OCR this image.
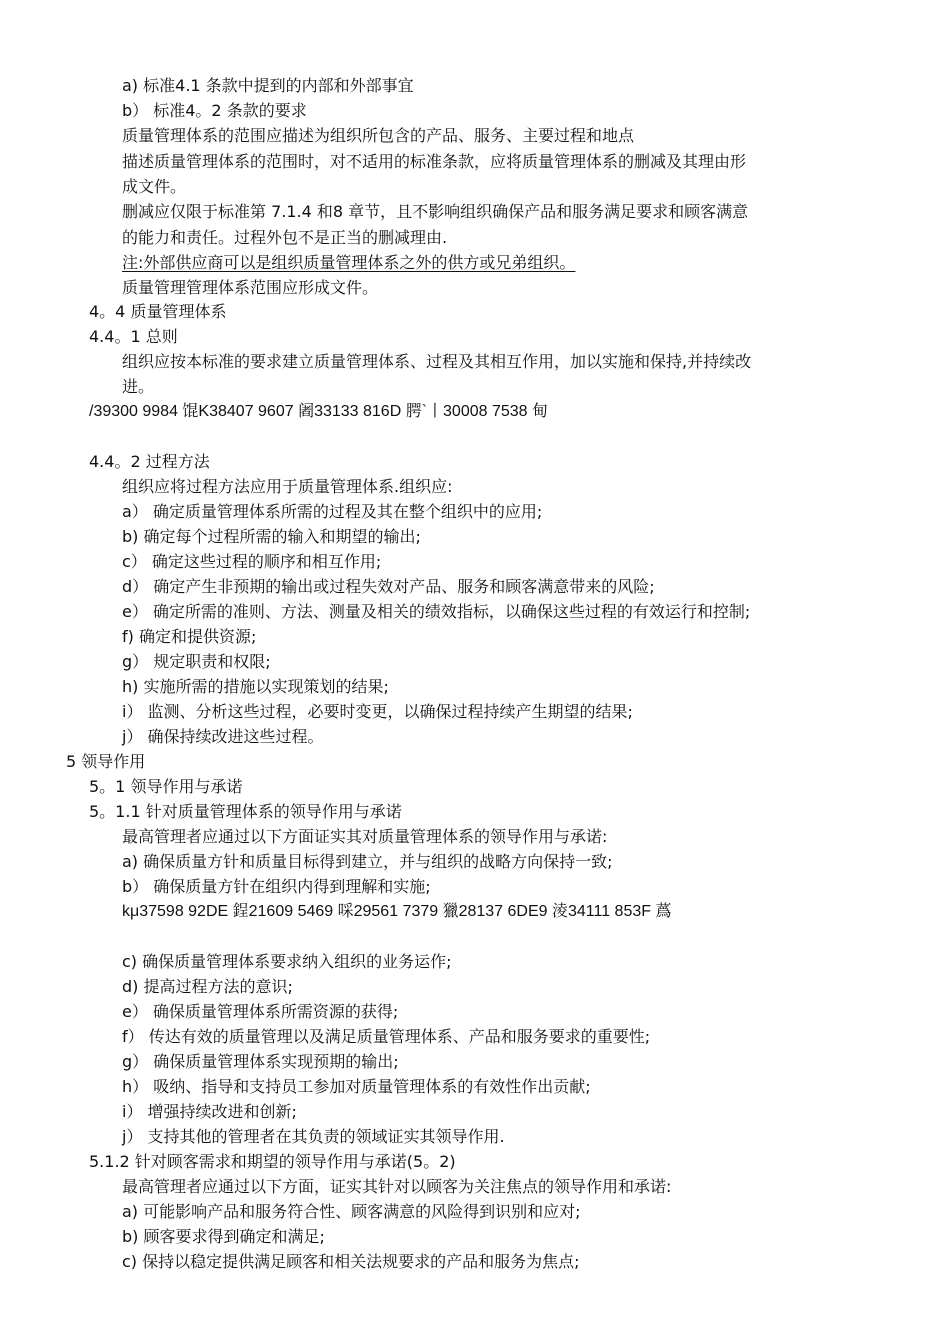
a) 标准4.1 条款中提到的内部和外部事宜
b） 标准4。2 条款的要求
质量管理体系的范围应描述为组织所包含的产品、服务、主要过程和地点
描述质量管理体系的范围时，对不适用的标准条款，应将质量管理体系的删减及其理由形
成文件。
删减应仅限于标准第 7.1.4 和8 章节，且不影响组织确保产品和服务满足要求和顾客满意
的能力和责任。过程外包不是正当的删减理由.
注:外部供应商可以是组织质量管理体系之外的供方或兄弟组织。
质量管理管理体系范围应形成文件。
4。4 质量管理体系
4.4。1 总则
组织应按本标准的要求建立质量管理体系、过程及其相互作用，加以实施和保持,并持续改
进。
/39300 9984 馄K38407 9607 阇33133 816D 腭`丨30008 7538 甸
4.4。2 过程方法
组织应将过程方法应用于质量管理体系.组织应:
a） 确定质量管理体系所需的过程及其在整个组织中的应用;
b) 确定每个过程所需的输入和期望的输出;
c） 确定这些过程的顺序和相互作用;
d） 确定产生非预期的输出或过程失效对产品、服务和顾客满意带来的风险;
e） 确定所需的准则、方法、测量及相关的绩效指标，以确保这些过程的有效运行和控制;
f) 确定和提供资源;
g） 规定职责和权限;
h) 实施所需的措施以实现策划的结果;
i） 监测、分析这些过程，必要时变更，以确保过程持续产生期望的结果;
j） 确保持续改进这些过程。
5 领导作用
5。1 领导作用与承诺
5。1.1 针对质量管理体系的领导作用与承诺
最高管理者应通过以下方面证实其对质量管理体系的领导作用与承诺:
a) 确保质量方针和质量目标得到建立，并与组织的战略方向保持一致;
b） 确保质量方针在组织内得到理解和实施;
kμ37598 92DE 鋥21609 5469 啋29561 7379 獵28137 6DE9 淩34111 853F 蔿
c) 确保质量管理体系要求纳入组织的业务运作;
d) 提高过程方法的意识;
e） 确保质量管理体系所需资源的获得;
f） 传达有效的质量管理以及满足质量管理体系、产品和服务要求的重要性;
g） 确保质量管理体系实现预期的输出;
h） 吸纳、指导和支持员工参加对质量管理体系的有效性作出贡献;
i） 增强持续改进和创新;
j） 支持其他的管理者在其负责的领域证实其领导作用.
5.1.2 针对顾客需求和期望的领导作用与承诺(5。2)
最高管理者应通过以下方面，证实其针对以顾客为关注焦点的领导作用和承诺:
a) 可能影响产品和服务符合性、顾客满意的风险得到识别和应对;
b) 顾客要求得到确定和满足;
c) 保持以稳定提供满足顾客和相关法规要求的产品和服务为焦点;
